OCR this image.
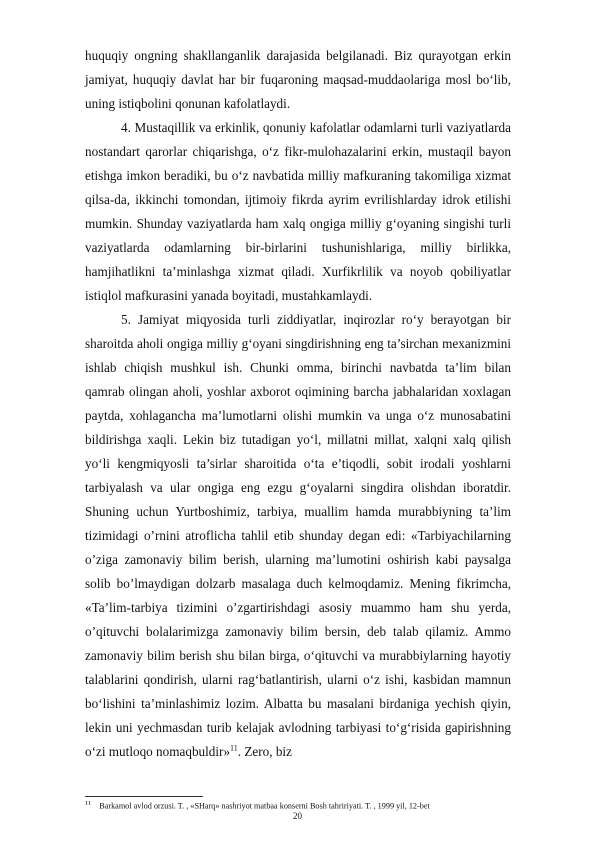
huquqiy ongning shakllanganlik darajasida belgilanadi. Biz qurayotgan erkin jamiyat, huquqiy davlat har bir fuqaroning maqsad-muddaolariga mosl bo‘lib, uning istiqbolini qonunan kafolatlaydi.

4. Mustaqillik va erkinlik, qonuniy kafolatlar odamlarni turli vaziyatlarda nostandart qarorlar chiqarishga, o‘z fikr-mulohazalarini erkin, mustaqil bayon etishga imkon beradiki, bu o‘z navbatida milliy mafkuraning takomiliga xizmat qilsa-da, ikkinchi tomondan, ijtimoiy fikrda ayrim evrilishlarday idrok etilishi mumkin. Shunday vaziyatlarda ham xalq ongiga milliy g‘oyaning singishi turli vaziyatlarda odamlarning bir-birlarini tushunishlariga, milliy birlikka, hamjihatlikni ta’minlashga xizmat qiladi. Xurfikrlilik va noyob qobiliyatlar istiqlol mafkurasini yanada boyitadi, mustahkamlaydi.

5. Jamiyat miqyosida turli ziddiyatlar, inqirozlar ro‘y berayotgan bir sharoitda aholi ongiga milliy g‘oyani singdirishning eng ta’sirchan mexanizmini ishlab chiqish mushkul ish. Chunki omma, birinchi navbatda ta’lim bilan qamrab olingan aholi, yoshlar axborot oqimining barcha jabhalaridan xoxlagan paytda, xohlagancha ma’lumotlarni olishi mumkin va unga o‘z munosabatini bildirishga xaqli. Lekin biz tutadigan yo‘l, millatni millat, xalqni xalq qilish yo‘li kengmiqyosli ta’sirlar sharoitida o‘ta e’tiqodli, sobit irodali yoshlarni tarbiyalash va ular ongiga eng ezgu g‘oyalarni singdira olishdan iboratdir. Shuning uchun Yurtboshimiz, tarbiya, muallim hamda murabbiyning ta’lim tizimidagi o’rnini atroflicha tahlil etib shunday degan edi: «Tarbiyachilarning o’ziga zamonaviy bilim berish, ularning ma’lumotini oshirish kabi paysalga solib bo’lmaydigan dolzarb masalaga duch kelmoqdamiz. Mening fikrimcha, «Ta’lim-tarbiya tizimini o’zgartirishdagi asosiy muammo ham shu yerda, o’qituvchi bolalarimizga zamonaviy bilim bersin, deb talab qilamiz. Ammo zamonaviy bilim berish shu bilan birga, o‘qituvchi va murabbiylarning hayotiy talablarini qondirish, ularni rag‘batlantirish, ularni o‘z ishi, kasbidan mamnun bo‘lishini ta’minlashimiz lozim. Albatta bu masalani birdaniga yechish qiyin, lekin uni yechmasdan turib kelajak avlodning tarbiyasi to‘g‘risida gapirishning o‘zi mutloqo nomaqbuldir»$^{11}$. Zero, biz

$^{11}$ Barkamol avlod orzusi. T. , «SHarq» nashriyot matbaa konserni Bosh tahririyati. T. , 1999 yil, 12-bet
20
